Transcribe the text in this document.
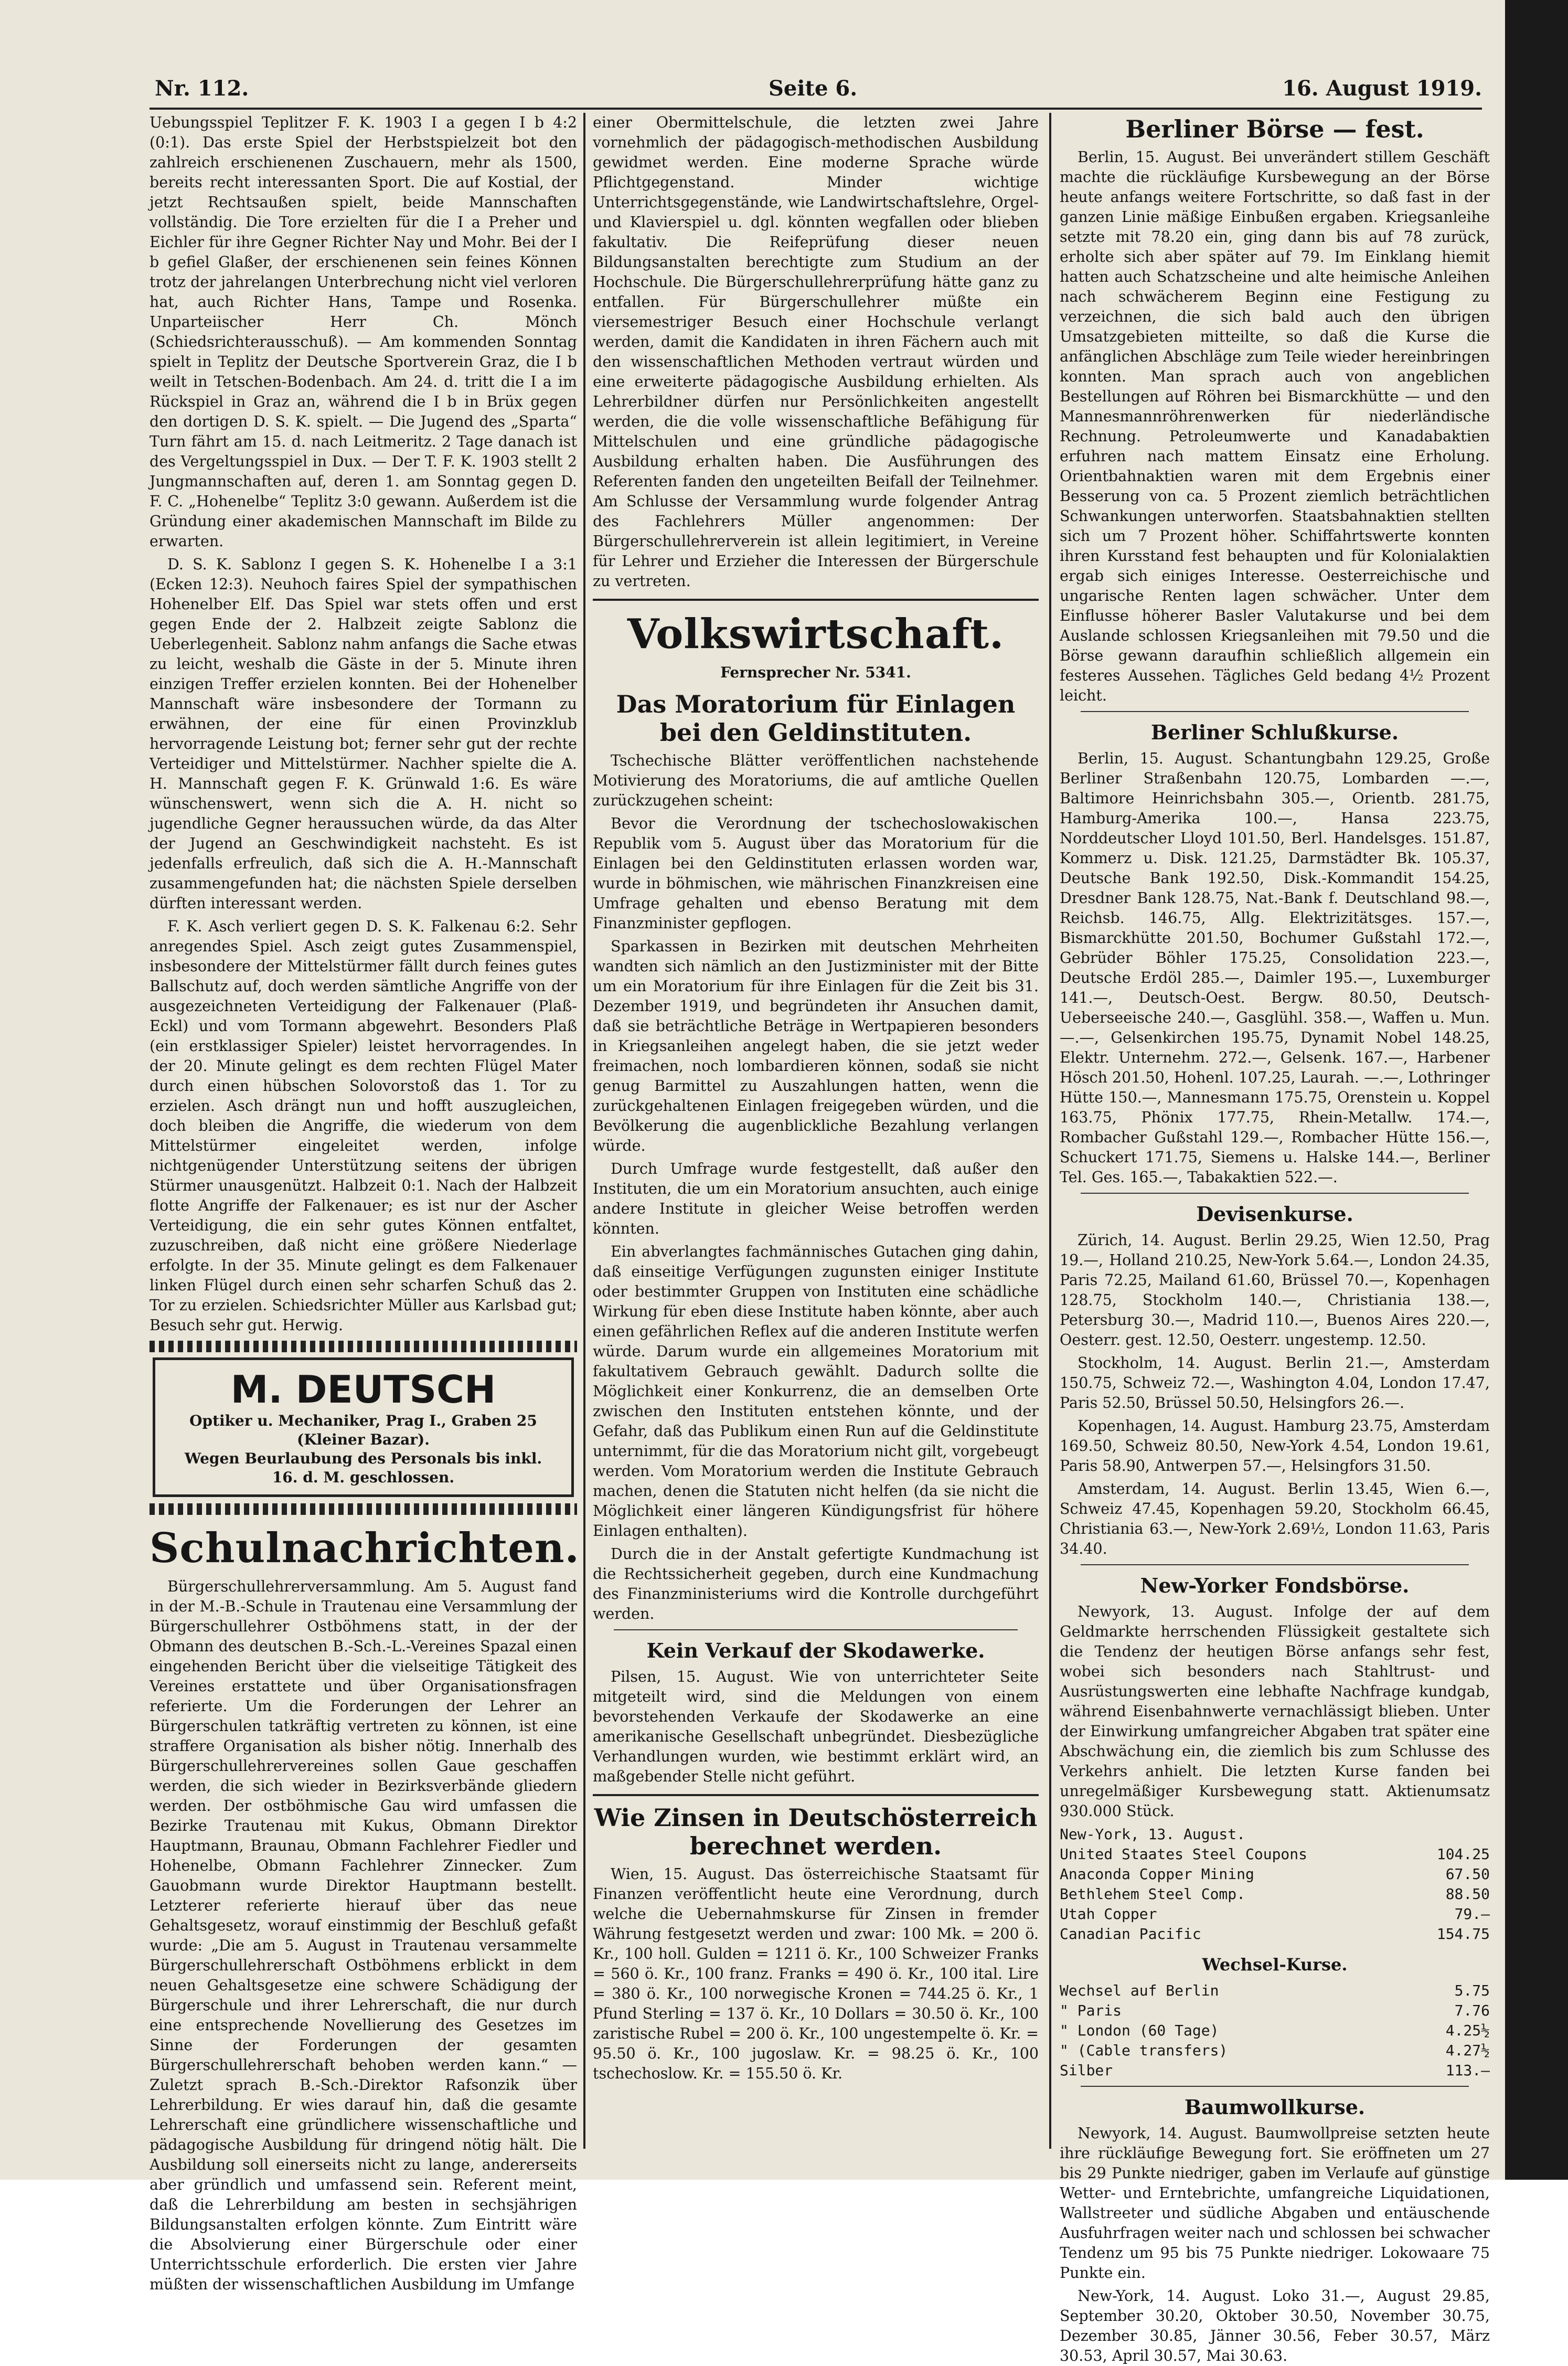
Nr. 112.	Seite 6.	16. August 1919.

Uebungsspiel Teplitzer F. K. 1903 I a gegen I b 4:2 (0:1). Das erste Spiel der Herbstspielzeit bot den zahlreich erschienenen Zuschauern, mehr als 1500, bereits recht interessanten Sport. Die auf Kostial, der jetzt Rechtsaußen spielt, beide Mannschaften vollständig. Die Tore erzielten für die I a Preher und Eichler für ihre Gegner Richter Nay und Mohr. Bei der I b gefiel Glaßer, der erschienenen sein feines Können trotz der jahrelangen Unterbrechung nicht viel verloren hat, auch Richter Hans, Tampe und Rosenka. Unparteiischer Herr Ch. Mönch (Schiedsrichterausschuß). — Am kommenden Sonntag spielt in Teplitz der Deutsche Sportverein Graz, die I b weilt in Tetschen-Bodenbach. Am 24. d. tritt die I a im Rückspiel in Graz an, während die I b in Brüx gegen den dortigen D. S. K. spielt. — Die Jugend des „Sparta“ Turn fährt am 15. d. nach Leitmeritz. 2 Tage danach ist des Vergeltungsspiel in Dux. — Der T. F. K. 1903 stellt 2 Jungmannschaften auf, deren 1. am Sonntag gegen D. F. C. „Hohenelbe“ Teplitz 3:0 gewann. Außerdem ist die Gründung einer akademischen Mannschaft im Bilde zu erwarten.

D. S. K. Sablonz I gegen S. K. Hohenelbe I a 3:1 (Ecken 12:3). Neuhoch faires Spiel der sympathischen Hohenelber Elf. Das Spiel war stets offen und erst gegen Ende der 2. Halbzeit zeigte Sablonz die Ueberlegenheit. Sablonz nahm anfangs die Sache etwas zu leicht, weshalb die Gäste in der 5. Minute ihren einzigen Treffer erzielen konnten. Bei der Hohenelber Mannschaft wäre insbesondere der Tormann zu erwähnen, der eine für einen Provinzklub hervorragende Leistung bot; ferner sehr gut der rechte Verteidiger und Mittelstürmer. Nachher spielte die A. H. Mannschaft gegen F. K. Grünwald 1:6. Es wäre wünschenswert, wenn sich die A. H. nicht so jugendliche Gegner heraussuchen würde, da das Alter der Jugend an Geschwindigkeit nachsteht. Es ist jedenfalls erfreulich, daß sich die A. H.-Mannschaft zusammengefunden hat; die nächsten Spiele derselben dürften interessant werden.

F. K. Asch verliert gegen D. S. K. Falkenau 6:2. Sehr anregendes Spiel. Asch zeigt gutes Zusammenspiel, insbesondere der Mittelstürmer fällt durch feines gutes Ballschutz auf, doch werden sämtliche Angriffe von der ausgezeichneten Verteidigung der Falkenauer (Plaß-Eckl) und vom Tormann abgewehrt. Besonders Plaß (ein erstklassiger Spieler) leistet hervorragendes. In der 20. Minute gelingt es dem rechten Flügel Mater durch einen hübschen Solovorstoß das 1. Tor zu erzielen. Asch drängt nun und hofft auszugleichen, doch bleiben die Angriffe, die wiederum von dem Mittelstürmer eingeleitet werden, infolge nichtgenügender Unterstützung seitens der übrigen Stürmer unausgenützt. Halbzeit 0:1. Nach der Halbzeit flotte Angriffe der Falkenauer; es ist nur der Ascher Verteidigung, die ein sehr gutes Können entfaltet, zuzuschreiben, daß nicht eine größere Niederlage erfolgte. In der 35. Minute gelingt es dem Falkenauer linken Flügel durch einen sehr scharfen Schuß das 2. Tor zu erzielen. Schiedsrichter Müller aus Karlsbad gut; Besuch sehr gut. Herwig.

M. DEUTSCH
Optiker u. Mechaniker, Prag I., Graben 25
(Kleiner Bazar).
Wegen Beurlaubung des Personals bis inkl.
16. d. M. geschlossen.
Schulnachrichten.

Bürgerschullehrerversammlung. Am 5. August fand in der M.-B.-Schule in Trautenau eine Versammlung der Bürgerschullehrer Ostböhmens statt, in der der Obmann des deutschen B.-Sch.-L.-Vereines Spazal einen eingehenden Bericht über die vielseitige Tätigkeit des Vereines erstattete und über Organisationsfragen referierte. Um die Forderungen der Lehrer an Bürgerschulen tatkräftig vertreten zu können, ist eine straffere Organisation als bisher nötig. Innerhalb des Bürgerschullehrervereines sollen Gaue geschaffen werden, die sich wieder in Bezirksverbände gliedern werden. Der ostböhmische Gau wird umfassen die Bezirke Trautenau mit Kukus, Obmann Direktor Hauptmann, Braunau, Obmann Fachlehrer Fiedler und Hohenelbe, Obmann Fachlehrer Zinnecker. Zum Gauobmann wurde Direktor Hauptmann bestellt. Letzterer referierte hierauf über das neue Gehaltsgesetz, worauf einstimmig der Beschluß gefaßt wurde: „Die am 5. August in Trautenau versammelte Bürgerschullehrerschaft Ostböhmens erblickt in dem neuen Gehaltsgesetze eine schwere Schädigung der Bürgerschule und ihrer Lehrerschaft, die nur durch eine entsprechende Novellierung des Gesetzes im Sinne der Forderungen der gesamten Bürgerschullehrerschaft behoben werden kann.“ — Zuletzt sprach B.-Sch.-Direktor Rafsonzik über Lehrerbildung. Er wies darauf hin, daß die gesamte Lehrerschaft eine gründlichere wissenschaftliche und pädagogische Ausbildung für dringend nötig hält. Die Ausbildung soll einerseits nicht zu lange, andererseits aber gründlich und umfassend sein. Referent meint, daß die Lehrerbildung am besten in sechsjährigen Bildungsanstalten erfolgen könnte. Zum Eintritt wäre die Absolvierung einer Bürgerschule oder einer Unterrichtsschule erforderlich. Die ersten vier Jahre müßten der wissenschaftlichen Ausbildung im Umfange

einer Obermittelschule, die letzten zwei Jahre vornehmlich der pädagogisch-methodischen Ausbildung gewidmet werden. Eine moderne Sprache würde Pflichtgegenstand. Minder wichtige Unterrichtsgegenstände, wie Landwirtschaftslehre, Orgel- und Klavierspiel u. dgl. könnten wegfallen oder blieben fakultativ. Die Reifeprüfung dieser neuen Bildungsanstalten berechtigte zum Studium an der Hochschule. Die Bürgerschullehrerprüfung hätte ganz zu entfallen. Für Bürgerschullehrer müßte ein viersemestriger Besuch einer Hochschule verlangt werden, damit die Kandidaten in ihren Fächern auch mit den wissenschaftlichen Methoden vertraut würden und eine erweiterte pädagogische Ausbildung erhielten. Als Lehrerbildner dürfen nur Persönlichkeiten angestellt werden, die die volle wissenschaftliche Befähigung für Mittelschulen und eine gründliche pädagogische Ausbildung erhalten haben. Die Ausführungen des Referenten fanden den ungeteilten Beifall der Teilnehmer. Am Schlusse der Versammlung wurde folgender Antrag des Fachlehrers Müller angenommen: Der Bürgerschullehrerverein ist allein legitimiert, in Vereine für Lehrer und Erzieher die Interessen der Bürgerschule zu vertreten.

Volkswirtschaft.
Fernsprecher Nr. 5341.
Das Moratorium für Einlagen bei den Geldinstituten.

Tschechische Blätter veröffentlichen nachstehende Motivierung des Moratoriums, die auf amtliche Quellen zurückzugehen scheint:

Bevor die Verordnung der tschechoslowakischen Republik vom 5. August über das Moratorium für die Einlagen bei den Geldinstituten erlassen worden war, wurde in böhmischen, wie mährischen Finanzkreisen eine Umfrage gehalten und ebenso Beratung mit dem Finanzminister gepflogen.

Sparkassen in Bezirken mit deutschen Mehrheiten wandten sich nämlich an den Justizminister mit der Bitte um ein Moratorium für ihre Einlagen für die Zeit bis 31. Dezember 1919, und begründeten ihr Ansuchen damit, daß sie beträchtliche Beträge in Wertpapieren besonders in Kriegsanleihen angelegt haben, die sie jetzt weder freimachen, noch lombardieren können, sodaß sie nicht genug Barmittel zu Auszahlungen hatten, wenn die zurückgehaltenen Einlagen freigegeben würden, und die Bevölkerung die augenblickliche Bezahlung verlangen würde.

Durch Umfrage wurde festgestellt, daß außer den Instituten, die um ein Moratorium ansuchten, auch einige andere Institute in gleicher Weise betroffen werden könnten.

Ein abverlangtes fachmännisches Gutachen ging dahin, daß einseitige Verfügungen zugunsten einiger Institute oder bestimmter Gruppen von Instituten eine schädliche Wirkung für eben diese Institute haben könnte, aber auch einen gefährlichen Reflex auf die anderen Institute werfen würde. Darum wurde ein allgemeines Moratorium mit fakultativem Gebrauch gewählt. Dadurch sollte die Möglichkeit einer Konkurrenz, die an demselben Orte zwischen den Instituten entstehen könnte, und der Gefahr, daß das Publikum einen Run auf die Geldinstitute unternimmt, für die das Moratorium nicht gilt, vorgebeugt werden. Vom Moratorium werden die Institute Gebrauch machen, denen die Statuten nicht helfen (da sie nicht die Möglichkeit einer längeren Kündigungsfrist für höhere Einlagen enthalten).

Durch die in der Anstalt gefertigte Kundmachung ist die Rechtssicherheit gegeben, durch eine Kundmachung des Finanzministeriums wird die Kontrolle durchgeführt werden.

Kein Verkauf der Skodawerke.

Pilsen, 15. August. Wie von unterrichteter Seite mitgeteilt wird, sind die Meldungen von einem bevorstehenden Verkaufe der Skodawerke an eine amerikanische Gesellschaft unbegründet. Diesbezügliche Verhandlungen wurden, wie bestimmt erklärt wird, an maßgebender Stelle nicht geführt.

Wie Zinsen in Deutschösterreich berechnet werden.

Wien, 15. August. Das österreichische Staatsamt für Finanzen veröffentlicht heute eine Verordnung, durch welche die Uebernahmskurse für Zinsen in fremder Währung festgesetzt werden und zwar: 100 Mk. = 200 ö. Kr., 100 holl. Gulden = 1211 ö. Kr., 100 Schweizer Franks = 560 ö. Kr., 100 franz. Franks = 490 ö. Kr., 100 ital. Lire = 380 ö. Kr., 100 norwegische Kronen = 744.25 ö. Kr., 1 Pfund Sterling = 137 ö. Kr., 10 Dollars = 30.50 ö. Kr., 100 zaristische Rubel = 200 ö. Kr., 100 ungestempelte ö. Kr. = 95.50 ö. Kr., 100 jugoslaw. Kr. = 98.25 ö. Kr., 100 tschechoslow. Kr. = 155.50 ö. Kr.

Berliner Börse — fest.

Berlin, 15. August. Bei unverändert stillem Geschäft machte die rückläufige Kursbewegung an der Börse heute anfangs weitere Fortschritte, so daß fast in der ganzen Linie mäßige Einbußen ergaben. Kriegsanleihe setzte mit 78.20 ein, ging dann bis auf 78 zurück, erholte sich aber später auf 79. Im Einklang hiemit hatten auch Schatzscheine und alte heimische Anleihen nach schwächerem Beginn eine Festigung zu verzeichnen, die sich bald auch den übrigen Umsatzgebieten mitteilte, so daß die Kurse die anfänglichen Abschläge zum Teile wieder hereinbringen konnten. Man sprach auch von angeblichen Bestellungen auf Röhren bei Bismarckhütte — und den Mannesmannröhrenwerken für niederländische Rechnung. Petroleumwerte und Kanadabaktien erfuhren nach mattem Einsatz eine Erholung. Orientbahnaktien waren mit dem Ergebnis einer Besserung von ca. 5 Prozent ziemlich beträchtlichen Schwankungen unterworfen. Staatsbahnaktien stellten sich um 7 Prozent höher. Schiffahrtswerte konnten ihren Kursstand fest behaupten und für Kolonialaktien ergab sich einiges Interesse. Oesterreichische und ungarische Renten lagen schwächer. Unter dem Einflusse höherer Basler Valutakurse und bei dem Auslande schlossen Kriegsanleihen mit 79.50 und die Börse gewann daraufhin schließlich allgemein ein festeres Aussehen. Tägliches Geld bedang 4½ Prozent leicht.

Berliner Schlußkurse.

Berlin, 15. August. Schantungbahn 129.25, Große Berliner Straßenbahn 120.75, Lombarden —.—, Baltimore Heinrichsbahn 305.—, Orientb. 281.75, Hamburg-Amerika 100.—, Hansa 223.75, Norddeutscher Lloyd 101.50, Berl. Handelsges. 151.87, Kommerz u. Disk. 121.25, Darmstädter Bk. 105.37, Deutsche Bank 192.50, Disk.-Kommandit 154.25, Dresdner Bank 128.75, Nat.-Bank f. Deutschland 98.—, Reichsb. 146.75, Allg. Elektrizitätsges. 157.—, Bismarckhütte 201.50, Bochumer Gußstahl 172.—, Gebrüder Böhler 175.25, Consolidation 223.—, Deutsche Erdöl 285.—, Daimler 195.—, Luxemburger 141.—, Deutsch-Oest. Bergw. 80.50, Deutsch-Ueberseeische 240.—, Gasglühl. 358.—, Waffen u. Mun. —.—, Gelsenkirchen 195.75, Dynamit Nobel 148.25, Elektr. Unternehm. 272.—, Gelsenk. 167.—, Harbener Hösch 201.50, Hohenl. 107.25, Laurah. —.—, Lothringer Hütte 150.—, Mannesmann 175.75, Orenstein u. Koppel 163.75, Phönix 177.75, Rhein-Metallw. 174.—, Rombacher Gußstahl 129.—, Rombacher Hütte 156.—, Schuckert 171.75, Siemens u. Halske 144.—, Berliner Tel. Ges. 165.—, Tabakaktien 522.—.

Devisenkurse.

Zürich, 14. August. Berlin 29.25, Wien 12.50, Prag 19.—, Holland 210.25, New-York 5.64.—, London 24.35, Paris 72.25, Mailand 61.60, Brüssel 70.—, Kopenhagen 128.75, Stockholm 140.—, Christiania 138.—, Petersburg 30.—, Madrid 110.—, Buenos Aires 220.—, Oesterr. gest. 12.50, Oesterr. ungestemp. 12.50.

Stockholm, 14. August. Berlin 21.—, Amsterdam 150.75, Schweiz 72.—, Washington 4.04, London 17.47, Paris 52.50, Brüssel 50.50, Helsingfors 26.—.

Kopenhagen, 14. August. Hamburg 23.75, Amsterdam 169.50, Schweiz 80.50, New-York 4.54, London 19.61, Paris 58.90, Antwerpen 57.—, Helsingfors 31.50.

Amsterdam, 14. August. Berlin 13.45, Wien 6.—, Schweiz 47.45, Kopenhagen 59.20, Stockholm 66.45, Christiania 63.—, New-York 2.69½, London 11.63, Paris 34.40.

New-Yorker Fondsbörse.

Newyork, 13. August. Infolge der auf dem Geldmarkte herrschenden Flüssigkeit gestaltete sich die Tendenz der heutigen Börse anfangs sehr fest, wobei sich besonders nach Stahltrust- und Ausrüstungswerten eine lebhafte Nachfrage kundgab, während Eisenbahnwerte vernachlässigt blieben. Unter der Einwirkung umfangreicher Abgaben trat später eine Abschwächung ein, die ziemlich bis zum Schlusse des Verkehrs anhielt. Die letzten Kurse fanden bei unregelmäßiger Kursbewegung statt. Aktienumsatz 930.000 Stück.

New-York, 13. August.
United Staates Steel Coupons	104.25
Anaconda Copper Mining	67.50
Bethlehem Steel Comp.	88.50
Utah Copper	79.—
Canadian Pacific	154.75
Wechsel-Kurse.
Wechsel auf Berlin	5.75
" Paris	7.76
" London (60 Tage)	4.25½
" (Cable transfers)	4.27½
Silber	113.—
Baumwollkurse.

Newyork, 14. August. Baumwollpreise setzten heute ihre rückläufige Bewegung fort. Sie eröffneten um 27 bis 29 Punkte niedriger, gaben im Verlaufe auf günstige Wetter- und Erntebrichte, umfangreiche Liquidationen, Wallstreeter und südliche Abgaben und entäuschende Ausfuhrfragen weiter nach und schlossen bei schwacher Tendenz um 95 bis 75 Punkte niedriger. Lokowaare 75 Punkte ein.

New-York, 14. August. Loko 31.—, August 29.85, September 30.20, Oktober 30.50, November 30.75, Dezember 30.85, Jänner 30.56, Feber 30.57, März 30.53, April 30.57, Mai 30.63.
